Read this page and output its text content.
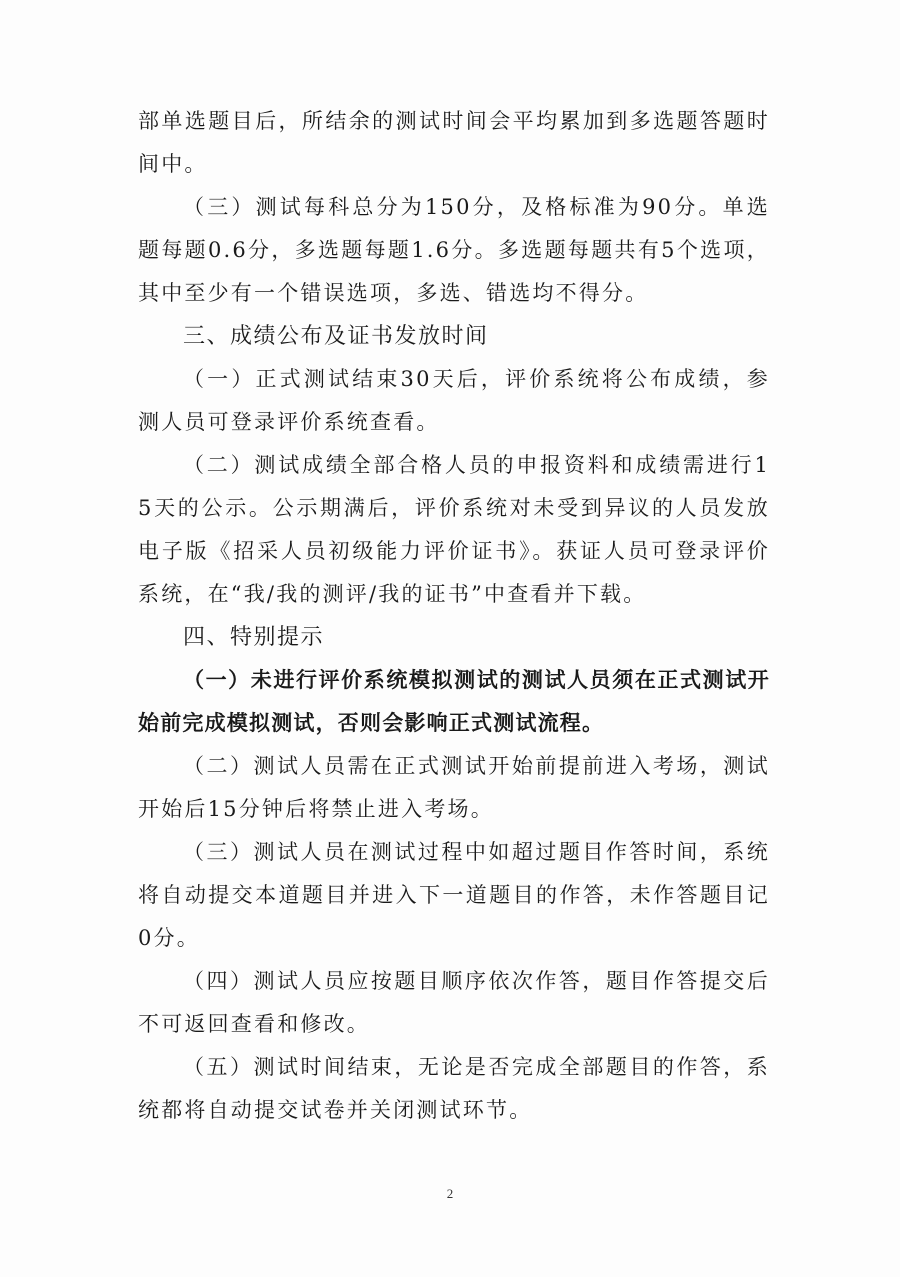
部单选题目后，所结余的测试时间会平均累加到多选题答题时间中。

（三）测试每科总分为150分，及格标准为90分。单选题每题0.6分，多选题每题1.6分。多选题每题共有5个选项，其中至少有一个错误选项，多选、错选均不得分。

三、成绩公布及证书发放时间

（一）正式测试结束30天后，评价系统将公布成绩，参测人员可登录评价系统查看。

（二）测试成绩全部合格人员的申报资料和成绩需进行15天的公示。公示期满后，评价系统对未受到异议的人员发放电子版《招采人员初级能力评价证书》。获证人员可登录评价系统，在“我/我的测评/我的证书”中查看并下载。

四、特别提示

（一）未进行评价系统模拟测试的测试人员须在正式测试开始前完成模拟测试，否则会影响正式测试流程。

（二）测试人员需在正式测试开始前提前进入考场，测试开始后15分钟后将禁止进入考场。

（三）测试人员在测试过程中如超过题目作答时间，系统将自动提交本道题目并进入下一道题目的作答，未作答题目记0分。

（四）测试人员应按题目顺序依次作答，题目作答提交后不可返回查看和修改。

（五）测试时间结束，无论是否完成全部题目的作答，系统都将自动提交试卷并关闭测试环节。

2
